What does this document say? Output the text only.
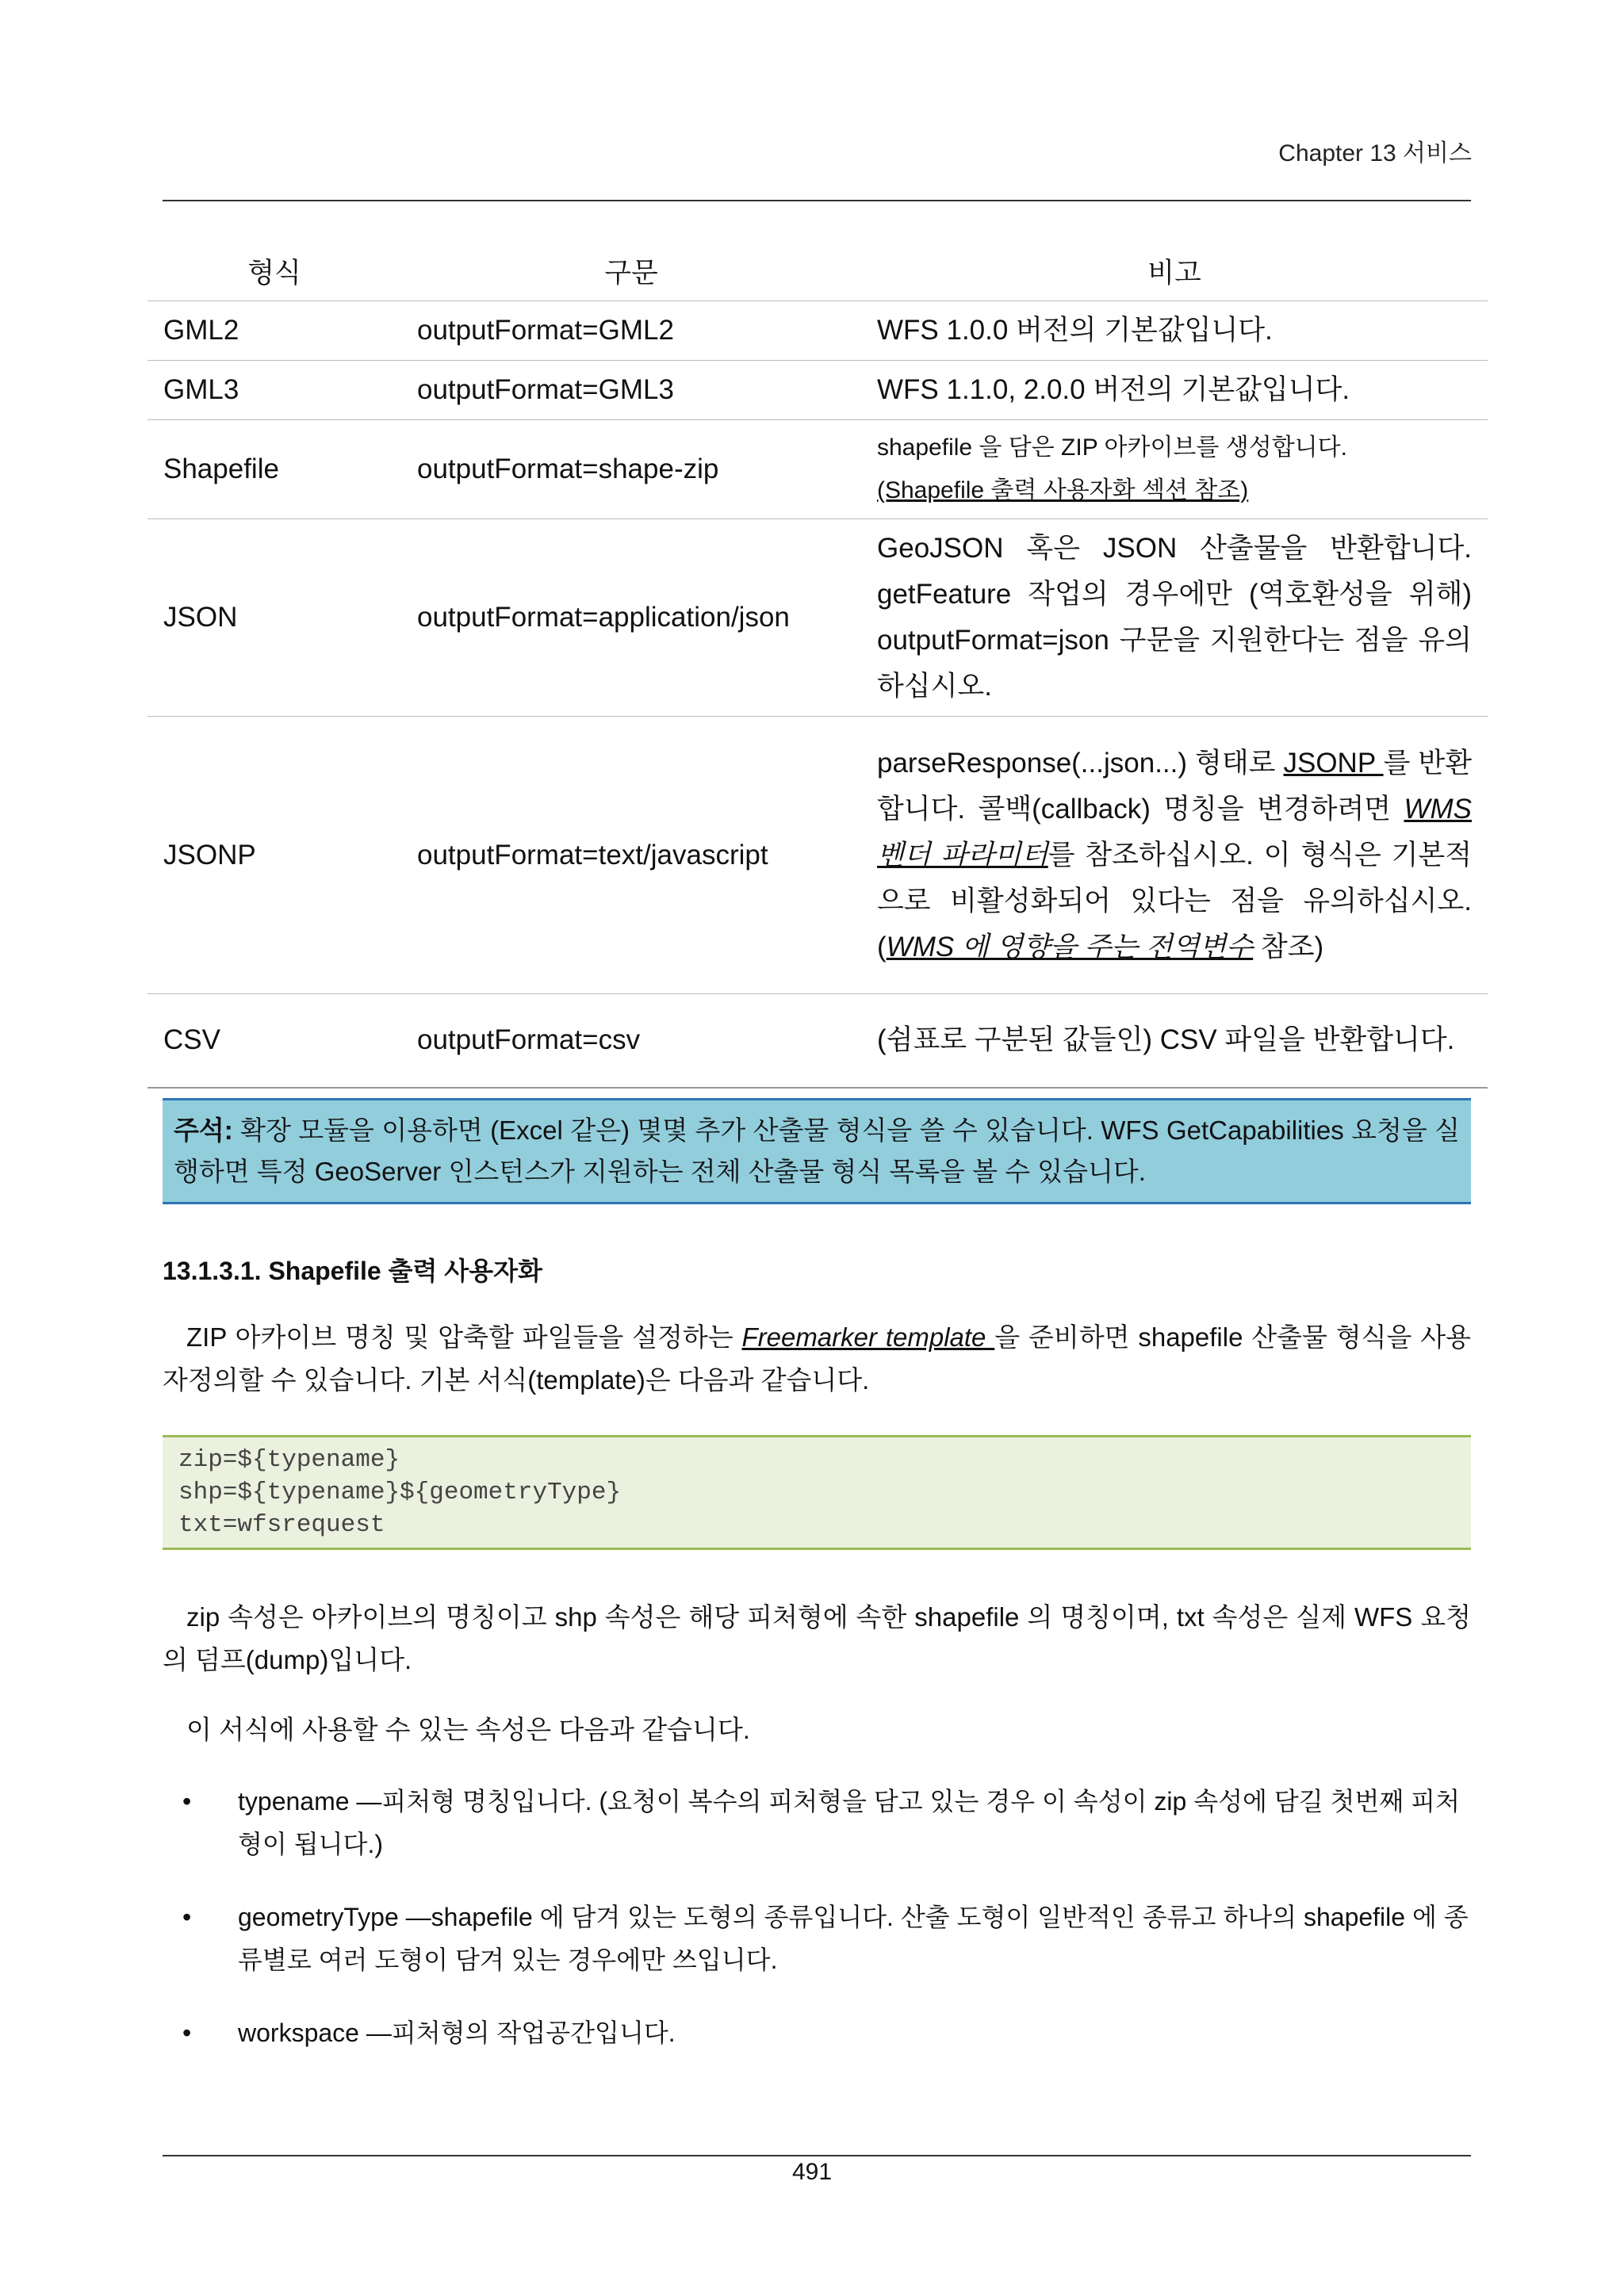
Chapter 13 서비스
형식	구문	비고
GML2	outputFormat=GML2	WFS 1.0.0 버전의 기본값입니다.
GML3	outputFormat=GML3	WFS 1.1.0, 2.0.0 버전의 기본값입니다.
Shapefile	outputFormat=shape-zip	shapefile 을 담은 ZIP 아카이브를 생성합니다.
(Shapefile 출력 사용자화 섹션 참조)
JSON	outputFormat=application/json	GeoJSON 혹은 JSON 산출물을 반환합니다. getFeature 작업의 경우에만 (역호환성을 위해) outputFormat=json 구문을 지원한다는 점을 유의하십시오.
JSONP	outputFormat=text/javascript	parseResponse(...json...) 형태로 JSONP 를 반환합니다. 콜백(callback) 명칭을 변경하려면 WMS 벤더 파라미터를 참조하십시오. 이 형식은 기본적으로 비활성화되어 있다는 점을 유의하십시오. (WMS 에 영향을 주는 전역변수 참조)
CSV	outputFormat=csv	(쉼표로 구분된 값들인) CSV 파일을 반환합니다.
주석: 확장 모듈을 이용하면 (Excel 같은) 몇몇 추가 산출물 형식을 쓸 수 있습니다. WFS GetCapabilities 요청을 실행하면 특정 GeoServer 인스턴스가 지원하는 전체 산출물 형식 목록을 볼 수 있습니다.
13.1.3.1. Shapefile 출력 사용자화
ZIP 아카이브 명칭 및 압축할 파일들을 설정하는 Freemarker template 을 준비하면 shapefile 산출물 형식을 사용자정의할 수 있습니다. 기본 서식(template)은 다음과 같습니다.
zip=${typename}
shp=${typename}${geometryType}
txt=wfsrequest
zip 속성은 아카이브의 명칭이고 shp 속성은 해당 피처형에 속한 shapefile 의 명칭이며, txt 속성은 실제 WFS 요청의 덤프(dump)입니다.
이 서식에 사용할 수 있는 속성은 다음과 같습니다.
• typename —피처형 명칭입니다. (요청이 복수의 피처형을 담고 있는 경우 이 속성이 zip 속성에 담길 첫번째 피처형이 됩니다.)
• geometryType —shapefile 에 담겨 있는 도형의 종류입니다. 산출 도형이 일반적인 종류고 하나의 shapefile 에 종류별로 여러 도형이 담겨 있는 경우에만 쓰입니다.
• workspace —피처형의 작업공간입니다.
491
